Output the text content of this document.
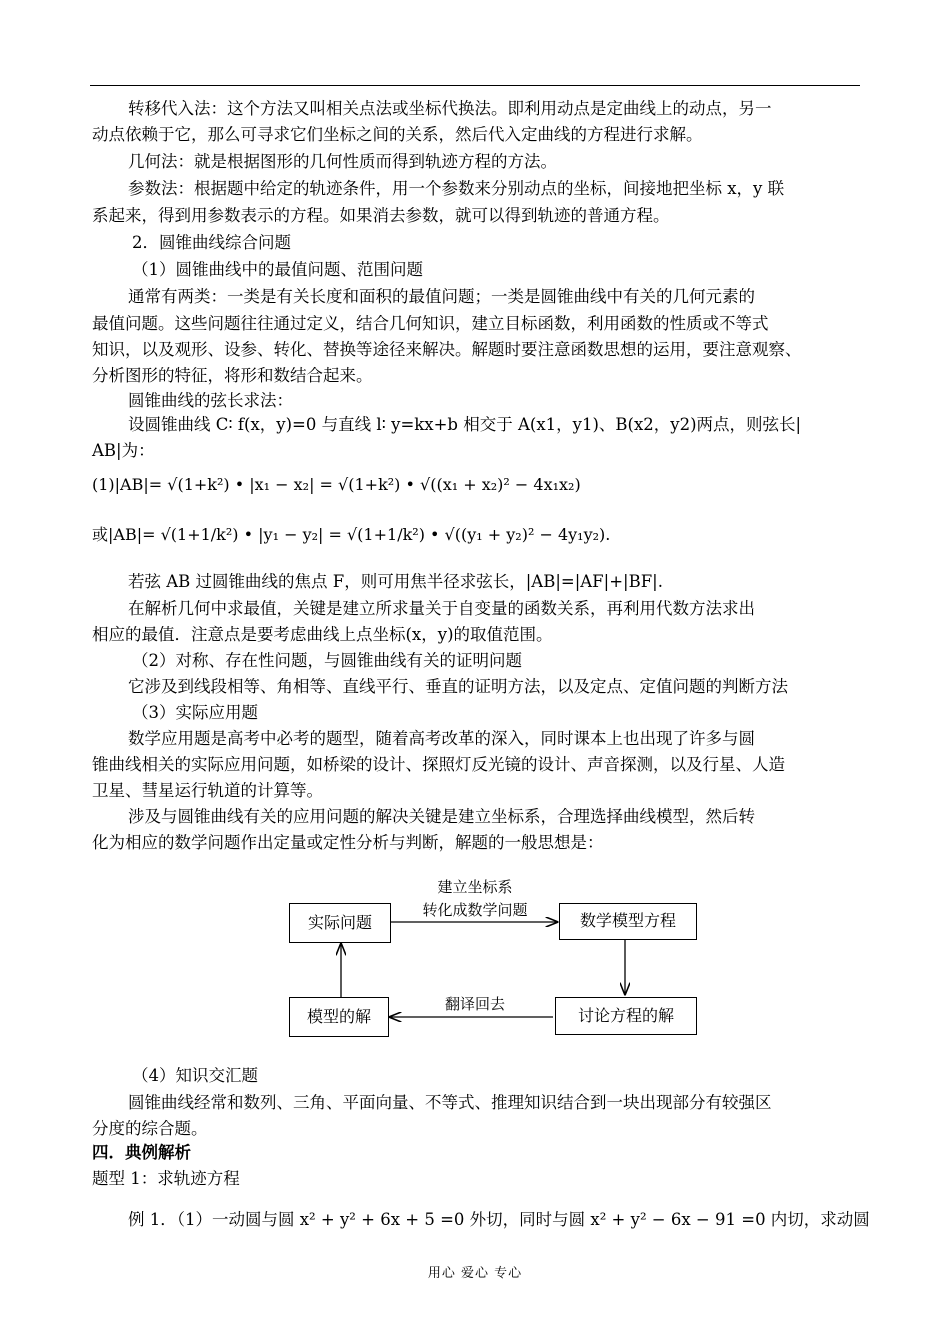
转移代入法：这个方法又叫相关点法或坐标代换法。即利用动点是定曲线上的动点，另一
动点依赖于它，那么可寻求它们坐标之间的关系，然后代入定曲线的方程进行求解。
几何法：就是根据图形的几何性质而得到轨迹方程的方法。
参数法：根据题中给定的轨迹条件，用一个参数来分别动点的坐标，间接地把坐标 x，y 联
系起来，得到用参数表示的方程。如果消去参数，就可以得到轨迹的普通方程。
2．圆锥曲线综合问题
（1）圆锥曲线中的最值问题、范围问题
通常有两类：一类是有关长度和面积的最值问题；一类是圆锥曲线中有关的几何元素的
最值问题。这些问题往往通过定义，结合几何知识，建立目标函数，利用函数的性质或不等式
知识，以及观形、设参、转化、替换等途径来解决。解题时要注意函数思想的运用，要注意观察、
分析图形的特征，将形和数结合起来。
圆锥曲线的弦长求法：
设圆锥曲线 C∶ f(x，y)=0 与直线 l∶ y=kx+b 相交于 A(x1，y1)、B(x2，y2)两点，则弦长|
AB|为：
(1)|AB|= √(1+k²) • |x₁ − x₂| = √(1+k²) • √((x₁ + x₂)² − 4x₁x₂)
或|AB|= √(1+1/k²) • |y₁ − y₂| = √(1+1/k²) • √((y₁ + y₂)² − 4y₁y₂).
若弦 AB 过圆锥曲线的焦点 F，则可用焦半径求弦长，|AB|=|AF|+|BF|.
在解析几何中求最值，关键是建立所求量关于自变量的函数关系，再利用代数方法求出
相应的最值．注意点是要考虑曲线上点坐标(x，y)的取值范围。
（2）对称、存在性问题，与圆锥曲线有关的证明问题
它涉及到线段相等、角相等、直线平行、垂直的证明方法，以及定点、定值问题的判断方法
（3）实际应用题
数学应用题是高考中必考的题型，随着高考改革的深入，同时课本上也出现了许多与圆
锥曲线相关的实际应用问题，如桥梁的设计、探照灯反光镜的设计、声音探测，以及行星、人造
卫星、彗星运行轨道的计算等。
涉及与圆锥曲线有关的应用问题的解决关键是建立坐标系，合理选择曲线模型，然后转
化为相应的数学问题作出定量或定性分析与判断，解题的一般思想是：
实际问题	数学模型方程
讨论方程的解
模型的解
建立坐标系
转化成数学问题
翻译回去
（4）知识交汇题
圆锥曲线经常和数列、三角、平面向量、不等式、推理知识结合到一块出现部分有较强区
分度的综合题。
四．典例解析
题型 1：求轨迹方程
例 1．（1）一动圆与圆 x² + y² + 6x + 5 =0 外切，同时与圆 x² + y² − 6x − 91 =0 内切，求动圆
用心 爱心 专心
